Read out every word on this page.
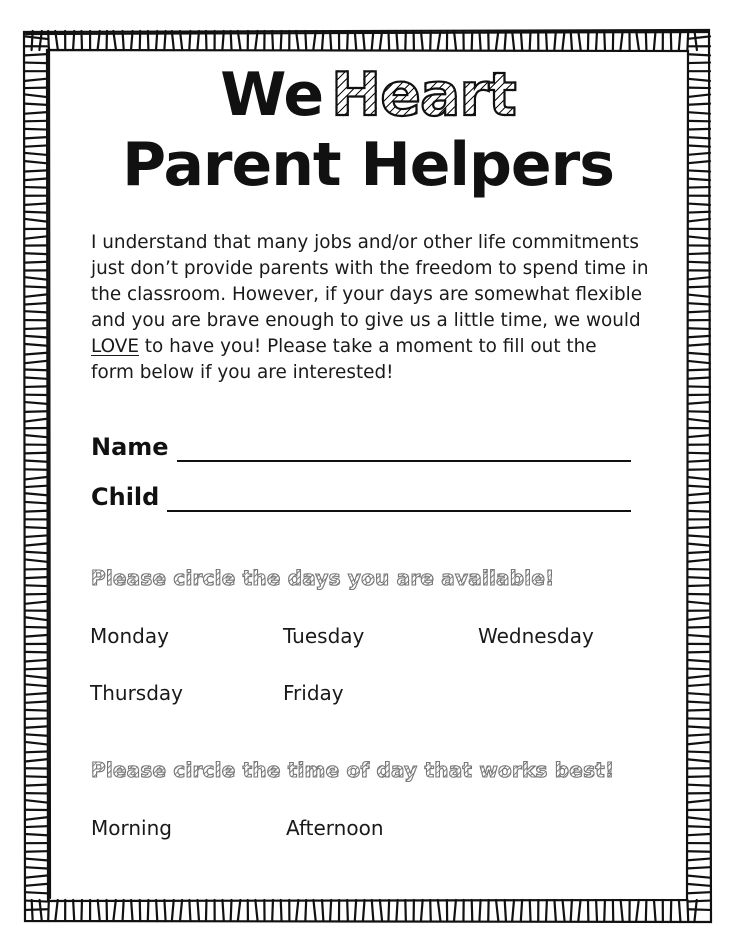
We Heart
Parent Helpers
I understand that many jobs and/or other life commitments
just don’t provide parents with the freedom to spend time in
the classroom. However, if your days are somewhat flexible
and you are brave enough to give us a little time, we would
LOVE to have you! Please take a moment to fill out the
form below if you are interested!
Name
Child
Please circle the days you are available!
Monday	Tuesday	Wednesday
Thursday	Friday
Please circle the time of day that works best!
Morning	Afternoon
